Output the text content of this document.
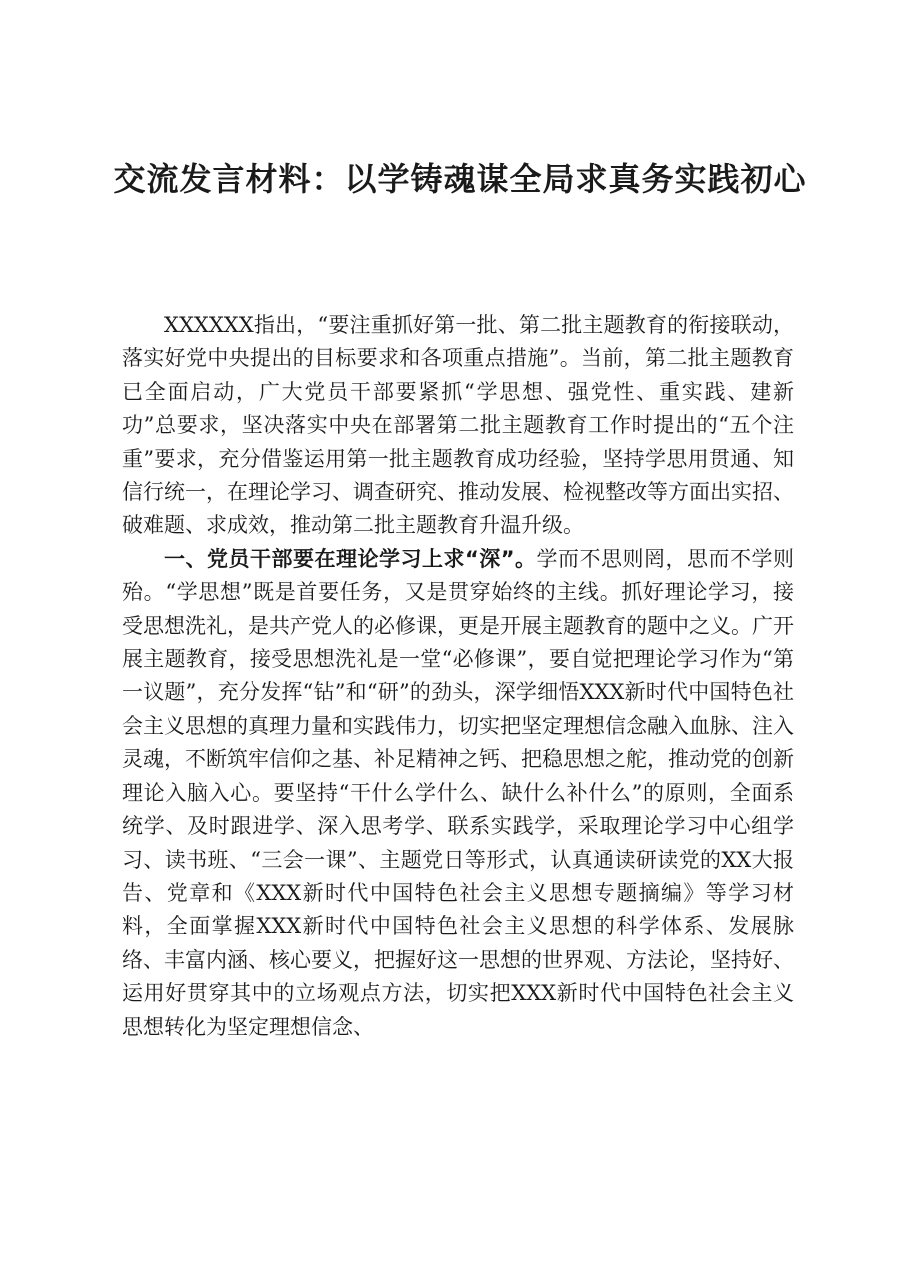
交流发言材料：以学铸魂谋全局求真务实践初心

XXXXXX指出，“要注重抓好第一批、第二批主题教育的衔接联动，落实好党中央提出的目标要求和各项重点措施”。当前，第二批主题教育已全面启动，广大党员干部要紧抓“学思想、强党性、重实践、建新功”总要求，坚决落实中央在部署第二批主题教育工作时提出的“五个注重”要求，充分借鉴运用第一批主题教育成功经验，坚持学思用贯通、知信行统一，在理论学习、调查研究、推动发展、检视整改等方面出实招、破难题、求成效，推动第二批主题教育升温升级。

一、党员干部要在理论学习上求“深”。学而不思则罔，思而不学则殆。“学思想”既是首要任务，又是贯穿始终的主线。抓好理论学习，接受思想洗礼，是共产党人的必修课，更是开展主题教育的题中之义。广开展主题教育，接受思想洗礼是一堂“必修课”，要自觉把理论学习作为“第一议题”，充分发挥“钻”和“研”的劲头，深学细悟XXX新时代中国特色社会主义思想的真理力量和实践伟力，切实把坚定理想信念融入血脉、注入灵魂，不断筑牢信仰之基、补足精神之钙、把稳思想之舵，推动党的创新理论入脑入心。要坚持“干什么学什么、缺什么补什么”的原则，全面系统学、及时跟进学、深入思考学、联系实践学，采取理论学习中心组学习、读书班、“三会一课”、主题党日等形式，认真通读研读党的XX大报告、党章和《XXX新时代中国特色社会主义思想专题摘编》等学习材料，全面掌握XXX新时代中国特色社会主义思想的科学体系、发展脉络、丰富内涵、核心要义，把握好这一思想的世界观、方法论，坚持好、运用好贯穿其中的立场观点方法，切实把XXX新时代中国特色社会主义思想转化为坚定理想信念、
